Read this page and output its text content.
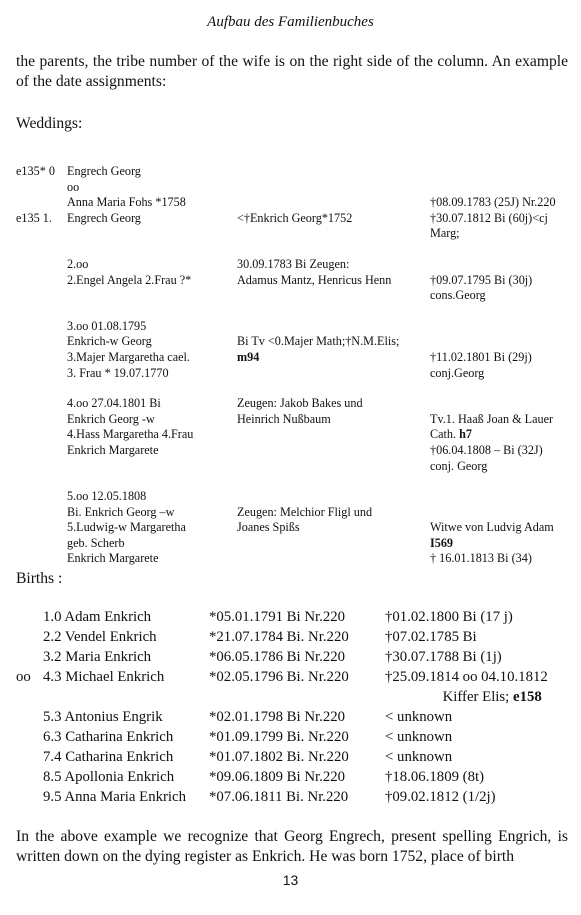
Aufbau des Familienbuches
the parents, the tribe number of the wife is on the right side of the column. An example of the date assignments:
Weddings:
e135* 0	Engrech Georg		
	oo		
	Anna Maria Fohs *1758		†08.09.1783 (25J) Nr.220
e135 1.	Engrech Georg	<†Enkrich Georg*1752	†30.07.1812 Bi (60j)<cj
			Marg;

	2.oo	30.09.1783 Bi Zeugen:	
	2.Engel Angela 2.Frau ?*	Adamus Mantz, Henricus Henn	†09.07.1795 Bi (30j)
			cons.Georg

	3.oo 01.08.1795		
	Enkrich-w Georg	Bi Tv <0.Majer Math;†N.M.Elis;	
	3.Majer Margaretha cael.	m94	†11.02.1801 Bi (29j)
	3. Frau * 19.07.1770		conj.Georg

	4.oo 27.04.1801 Bi	Zeugen: Jakob Bakes und	
	Enkrich Georg -w	Heinrich Nußbaum	Tv.1. Haaß Joan & Lauer
	4.Hass Margaretha 4.Frau		Cath. h7
	Enkrich Margarete		†06.04.1808 – Bi (32J)
			conj. Georg

	5.oo 12.05.1808		
	Bi. Enkrich Georg –w	Zeugen: Melchior Fligl und	
	5.Ludwig-w Margaretha	Joanes Spißs	Witwe von Ludvig Adam
	geb. Scherb		I569
	Enkrich Margarete		† 16.01.1813 Bi (34)
Births :
	1.0 Adam Enkrich	*05.01.1791 Bi Nr.220	†01.02.1800 Bi (17 j)
	2.2 Vendel Enkrich	*21.07.1784 Bi. Nr.220	†07.02.1785 Bi
	3.2 Maria Enkrich	*06.05.1786 Bi Nr.220	†30.07.1788 Bi (1j)
oo	4.3 Michael Enkrich	*02.05.1796 Bi. Nr.220	†25.09.1814 oo 04.10.1812
Kiffer Elis; e158			
	5.3 Antonius Engrik	*02.01.1798 Bi Nr.220	< unknown
	6.3 Catharina Enkrich	*01.09.1799 Bi. Nr.220	< unknown
	7.4 Catharina Enkrich	*01.07.1802 Bi. Nr.220	< unknown
	8.5 Apollonia Enkrich	*09.06.1809 Bi Nr.220	†18.06.1809 (8t)
	9.5 Anna Maria Enkrich	*07.06.1811 Bi. Nr.220	†09.02.1812 (1/2j)
In the above example we recognize that Georg Engrech, present spelling Engrich, is written down on the dying register as Enkrich. He was born 1752, place of birth
13
